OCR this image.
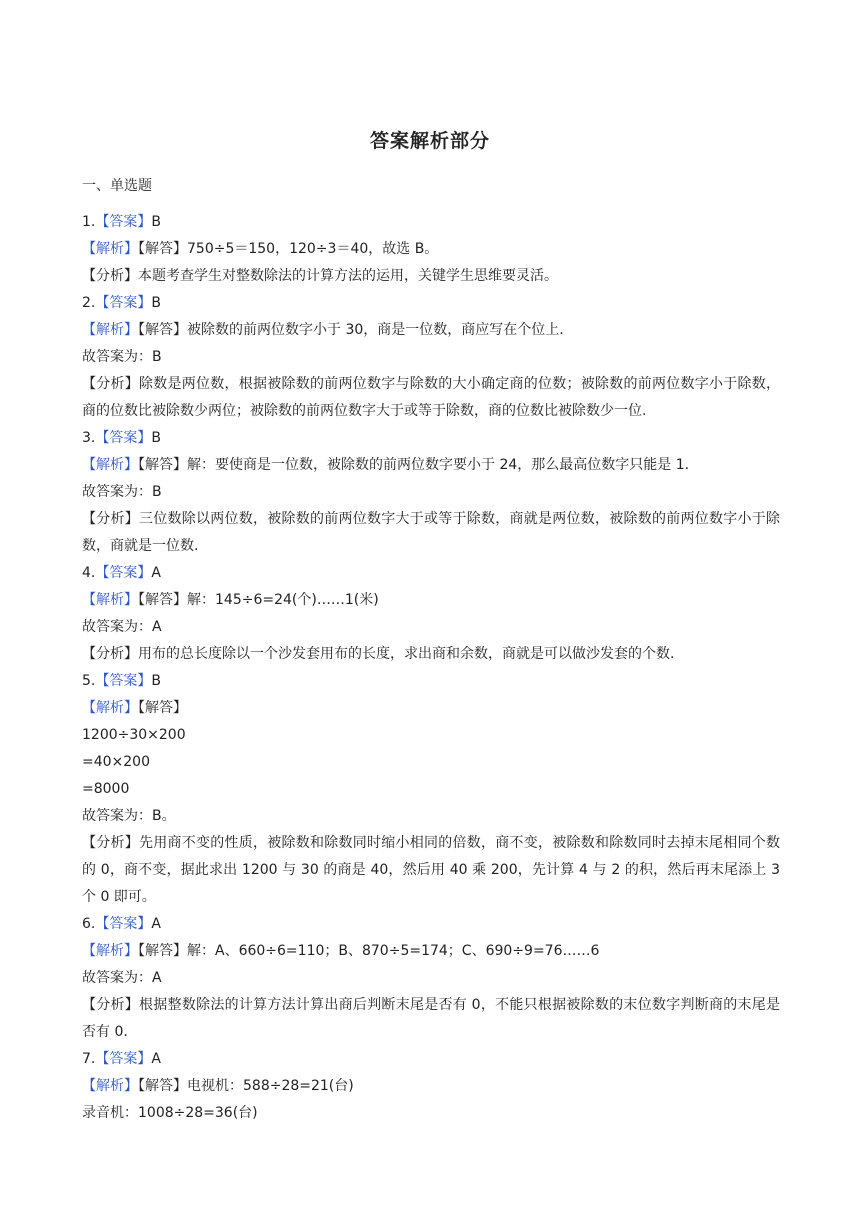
答案解析部分
一、单选题
1.【答案】B
【解析】【解答】750÷5＝150，120÷3＝40，故选 B。
【分析】本题考查学生对整数除法的计算方法的运用，关键学生思维要灵活。
2.【答案】B
【解析】【解答】被除数的前两位数字小于 30，商是一位数，商应写在个位上.
故答案为：B
【分析】除数是两位数，根据被除数的前两位数字与除数的大小确定商的位数；被除数的前两位数字小于除数，商的位数比被除数少两位；被除数的前两位数字大于或等于除数，商的位数比被除数少一位.
3.【答案】B
【解析】【解答】解：要使商是一位数，被除数的前两位数字要小于 24，那么最高位数字只能是 1.
故答案为：B
【分析】三位数除以两位数，被除数的前两位数字大于或等于除数，商就是两位数，被除数的前两位数字小于除数，商就是一位数.
4.【答案】A
【解析】【解答】解：145÷6=24(个)……1(米)
故答案为：A
【分析】用布的总长度除以一个沙发套用布的长度，求出商和余数，商就是可以做沙发套的个数.
5.【答案】B
【解析】【解答】
1200÷30×200
=40×200
=8000
故答案为：B。
【分析】先用商不变的性质，被除数和除数同时缩小相同的倍数，商不变，被除数和除数同时去掉末尾相同个数的 0，商不变，据此求出 1200 与 30 的商是 40，然后用 40 乘 200，先计算 4 与 2 的积，然后再末尾添上 3 个 0 即可。
6.【答案】A
【解析】【解答】解：A、660÷6=110；B、870÷5=174；C、690÷9=76……6
故答案为：A
【分析】根据整数除法的计算方法计算出商后判断末尾是否有 0，不能只根据被除数的末位数字判断商的末尾是否有 0.
7.【答案】A
【解析】【解答】电视机：588÷28=21(台)
录音机：1008÷28=36(台)
